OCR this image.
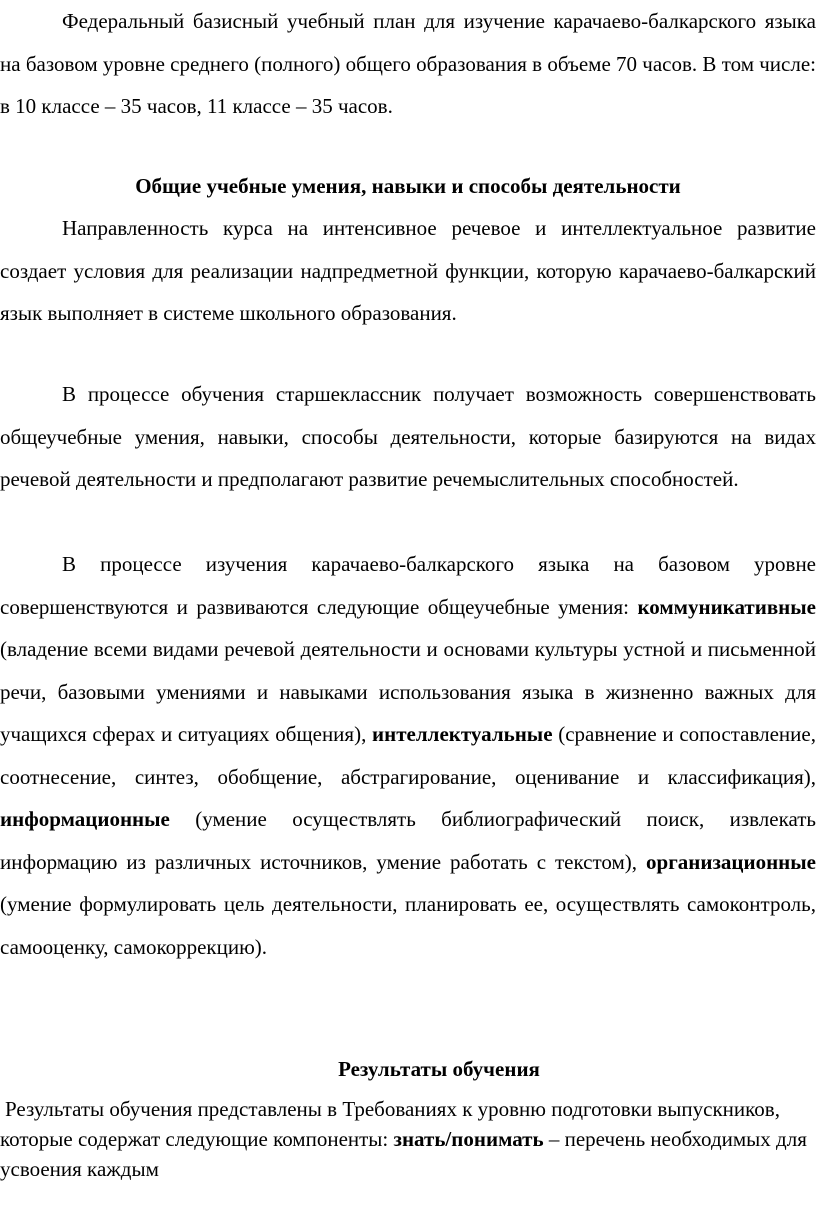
Федеральный базисный учебный план для изучение карачаево-балкарского языка на базовом уровне среднего (полного) общего образования в объеме 70 часов. В том числе: в 10 классе – 35 часов, 11 классе – 35 часов.

Общие учебные умения, навыки и способы деятельности

Направленность курса на интенсивное речевое и интеллектуальное развитие создает условия для реализации надпредметной функции, которую карачаево-балкарский язык выполняет в системе школьного образования.

В процессе обучения старшеклассник получает возможность совершенствовать общеучебные умения, навыки, способы деятельности, которые базируются на видах речевой деятельности и предполагают развитие речемыслительных способностей.

В процессе изучения карачаево-балкарского языка на базовом уровне совершенствуются и развиваются следующие общеучебные умения: коммуникативные (владение всеми видами речевой деятельности и основами культуры устной и письменной речи, базовыми умениями и навыками использования языка в жизненно важных для учащихся сферах и ситуациях общения), интеллектуальные (сравнение и сопоставление, соотнесение, синтез, обобщение, абстрагирование, оценивание и классификация), информационные (умение осуществлять библиографический поиск, извлекать информацию из различных источников, умение работать с текстом), организационные (умение формулировать цель деятельности, планировать ее, осуществлять самоконтроль, самооценку, самокоррекцию).

Результаты обучения

Результаты обучения представлены в Требованиях к уровню подготовки выпускников, которые содержат следующие компоненты: знать/понимать – перечень необходимых для усвоения каждым
